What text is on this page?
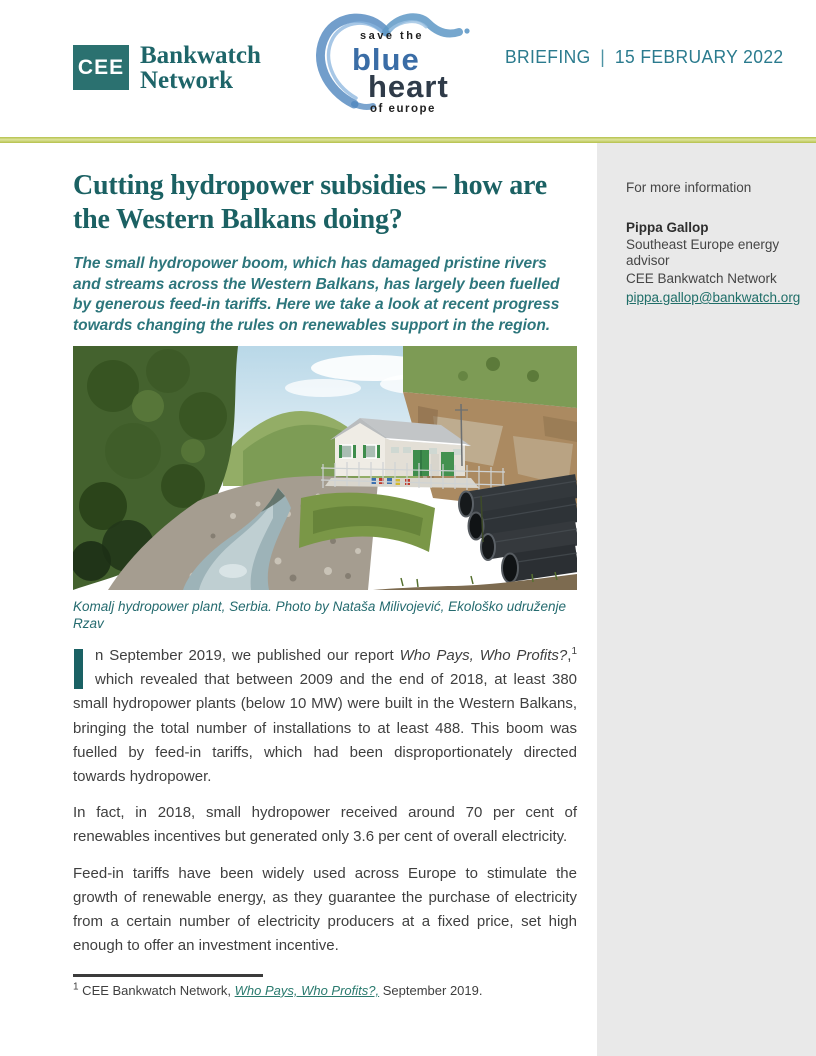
CEE Bankwatch
Network
save the
blue
heart
of europe
BRIEFING | 15 FEBRUARY 2022
Cutting hydropower subsidies – how are the Western Balkans doing?

The small hydropower boom, which has damaged pristine rivers and streams across the Western Balkans, has largely been fuelled by generous feed-in tariffs. Here we take a look at recent progress towards changing the rules on renewables support in the region.

Komalj hydropower plant, Serbia. Photo by Nataša Milivojević, Ekološko udruženje Rzav

n September 2019, we published our report Who Pays, Who Profits?,$^1$ which revealed that between 2009 and the end of 2018, at least 380 small hydropower plants (below 10 MW) were built in the Western Balkans, bringing the total number of installations to at least 488. This boom was fuelled by feed-in tariffs, which had been disproportionately directed towards hydropower.

In fact, in 2018, small hydropower received around 70 per cent of renewables incentives but generated only 3.6 per cent of overall electricity.

Feed-in tariffs have been widely used across Europe to stimulate the growth of renewable energy, as they guarantee the purchase of electricity from a certain number of electricity producers at a fixed price, set high enough to offer an investment incentive.

$^1$ CEE Bankwatch Network, Who Pays, Who Profits?, September 2019.

For more information

Pippa Gallop

Southeast Europe energy advisor

CEE Bankwatch Network

pippa.gallop@bankwatch.org
